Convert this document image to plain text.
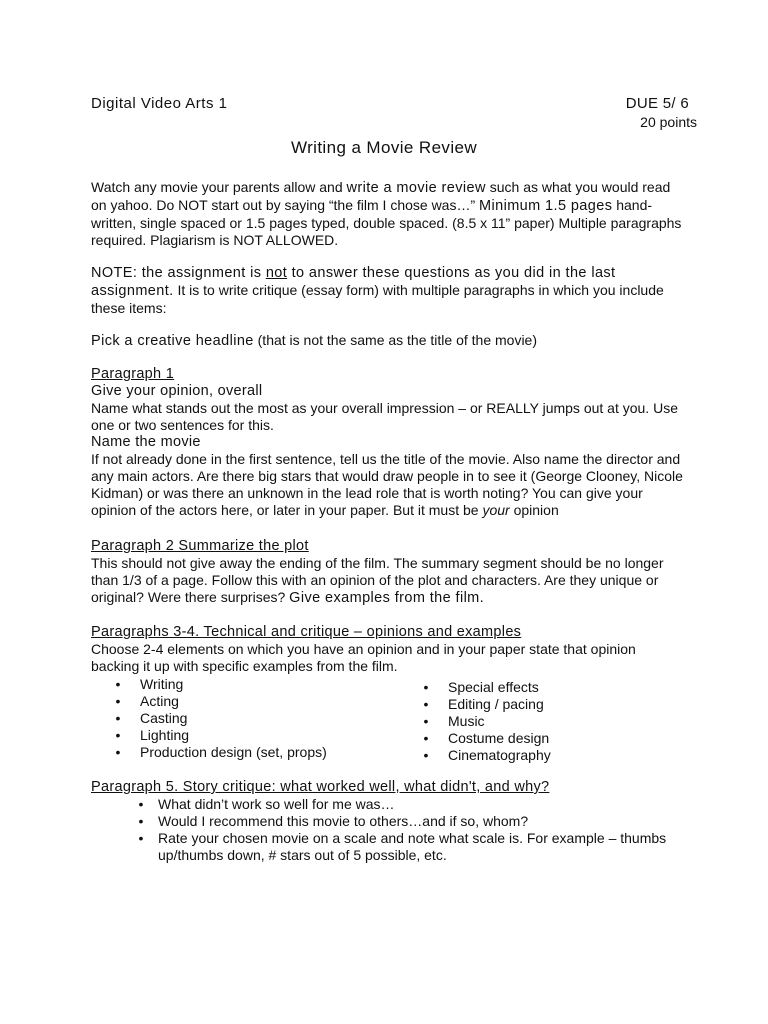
Digital Video Arts 1	DUE 5/ 6
20 points
Writing a Movie Review

Watch any movie your parents allow and write a movie review such as what you would read on yahoo. Do NOT start out by saying “the film I chose was…” Minimum 1.5 pages hand-written, single spaced or 1.5 pages typed, double spaced. (8.5 x 11” paper) Multiple paragraphs required. Plagiarism is NOT ALLOWED.

NOTE: the assignment is not to answer these questions as you did in the last assignment. It is to write critique (essay form) with multiple paragraphs in which you include these items:

Pick a creative headline (that is not the same as the title of the movie)
Paragraph 1
Give your opinion, overall
Name what stands out the most as your overall impression – or REALLY jumps out at you. Use one or two sentences for this.
Name the movie
If not already done in the first sentence, tell us the title of the movie. Also name the director and any main actors. Are there big stars that would draw people in to see it (George Clooney, Nicole Kidman) or was there an unknown in the lead role that is worth noting? You can give your opinion of the actors here, or later in your paper. But it must be your opinion
Paragraph 2 Summarize the plot
This should not give away the ending of the film. The summary segment should be no longer than 1/3 of a page. Follow this with an opinion of the plot and characters. Are they unique or original? Were there surprises? Give examples from the film.
Paragraphs 3-4. Technical and critique – opinions and examples
Choose 2-4 elements on which you have an opinion and in your paper state that opinion backing it up with specific examples from the film.
•	Writing
•	Acting
•	Casting
•	Lighting
•	Production design (set, props)
•	Special effects
•	Editing / pacing
•	Music
•	Costume design
•	Cinematography
Paragraph 5. Story critique: what worked well, what didn't, and why?
•	What didn’t work so well for me was…
•	Would I recommend this movie to others…and if so, whom?
•	Rate your chosen movie on a scale and note what scale is. For example – thumbs up/thumbs down, # stars out of 5 possible, etc.
